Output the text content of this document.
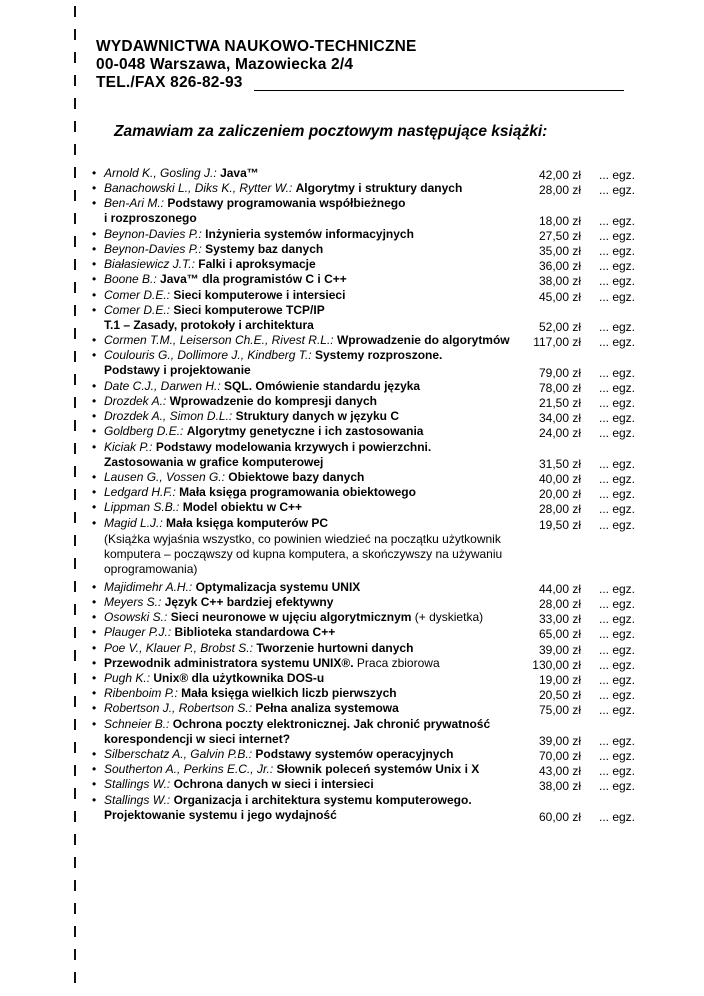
WYDAWNICTWA NAUKOWO-TECHNICZNE
00-048 Warszawa, Mazowiecka 2/4
TEL./FAX 826-82-93
Zamawiam za zaliczeniem pocztowym następujące książki:
• Arnold K., Gosling J.: Java™	42,00 zł ... egz.
• Banachowski L., Diks K., Rytter W.: Algorytmy i struktury danych	28,00 zł ... egz.
• Ben-Ari M.: Podstawy programowania współbieżnego
i rozproszonego	18,00 zł ... egz.
• Beynon-Davies P.: Inżynieria systemów informacyjnych	27,50 zł ... egz.
• Beynon-Davies P.: Systemy baz danych	35,00 zł ... egz.
• Białasiewicz J.T.: Falki i aproksymacje	36,00 zł ... egz.
• Boone B.: Java™ dla programistów C i C++	38,00 zł ... egz.
• Comer D.E.: Sieci komputerowe i intersieci	45,00 zł ... egz.
• Comer D.E.: Sieci komputerowe TCP/IP
T.1 – Zasady, protokoły i architektura	52,00 zł ... egz.
• Cormen T.M., Leiserson Ch.E., Rivest R.L.: Wprowadzenie do algorytmów	117,00 zł ... egz.
• Coulouris G., Dollimore J., Kindberg T.: Systemy rozproszone.
Podstawy i projektowanie	79,00 zł ... egz.
• Date C.J., Darwen H.: SQL. Omówienie standardu języka	78,00 zł ... egz.
• Drozdek A.: Wprowadzenie do kompresji danych	21,50 zł ... egz.
• Drozdek A., Simon D.L.: Struktury danych w języku C	34,00 zł ... egz.
• Goldberg D.E.: Algorytmy genetyczne i ich zastosowania	24,00 zł ... egz.
• Kiciak P.: Podstawy modelowania krzywych i powierzchni.
Zastosowania w grafice komputerowej	31,50 zł ... egz.
• Lausen G., Vossen G.: Obiektowe bazy danych	40,00 zł ... egz.
• Ledgard H.F.: Mała księga programowania obiektowego	20,00 zł ... egz.
• Lippman S.B.: Model obiektu w C++	28,00 zł ... egz.
• Magid L.J.: Mała księga komputerów PC	19,50 zł ... egz.
(Książka wyjaśnia wszystko, co powinien wiedzieć na początku użytkownik
komputera – począwszy od kupna komputera, a skończywszy na używaniu
oprogramowania)
• Majidimehr A.H.: Optymalizacja systemu UNIX	44,00 zł ... egz.
• Meyers S.: Język C++ bardziej efektywny	28,00 zł ... egz.
• Osowski S.: Sieci neuronowe w ujęciu algorytmicznym (+ dyskietka)	33,00 zł ... egz.
• Plauger P.J.: Biblioteka standardowa C++	65,00 zł ... egz.
• Poe V., Klauer P., Brobst S.: Tworzenie hurtowni danych	39,00 zł ... egz.
• Przewodnik administratora systemu UNIX®. Praca zbiorowa	130,00 zł ... egz.
• Pugh K.: Unix® dla użytkownika DOS-u	19,00 zł ... egz.
• Ribenboim P.: Mała księga wielkich liczb pierwszych	20,50 zł ... egz.
• Robertson J., Robertson S.: Pełna analiza systemowa	75,00 zł ... egz.
• Schneier B.: Ochrona poczty elektronicznej. Jak chronić prywatność
korespondencji w sieci internet?	39,00 zł ... egz.
• Silberschatz A., Galvin P.B.: Podstawy systemów operacyjnych	70,00 zł ... egz.
• Southerton A., Perkins E.C., Jr.: Słownik poleceń systemów Unix i X	43,00 zł ... egz.
• Stallings W.: Ochrona danych w sieci i intersieci	38,00 zł ... egz.
• Stallings W.: Organizacja i architektura systemu komputerowego.
Projektowanie systemu i jego wydajność	60,00 zł ... egz.
